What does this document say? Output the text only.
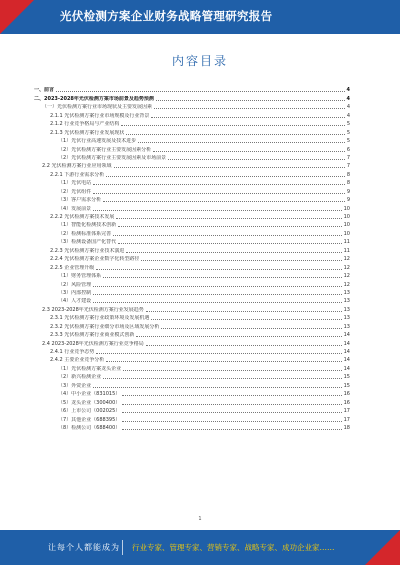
光伏检测方案企业财务战略管理研究报告
内容目录
一、前言	4
二、2023-2028年光伏检测方案市场前景及趋势预测	4
（一）光伏检测方案行业市场现状及主要发展因素	4
2.1.1 光伏检测方案行业市场规模及行业背景	4
2.1.2 行业竞争格局与产业结构	5
2.1.3 光伏检测方案行业发展现状	5
（1）光伏行业高速发展及技术进步	5
（2）光伏检测方案行业主要发展因素分析	6
（2）光伏检测方案行业主要发展因素及市场前景	7
2.2 光伏检测方案行业应用领域	7
2.2.1 下游行业需求分析	8
（1）光伏电站	8
（2）光伏组件	9
（3）客户需求分析	9
（4）发展前景	10
2.2.2 光伏检测方案技术发展	10
（1）智能化检测技术创新	10
（2）检测标准体系完善	10
（3）检测设备国产化替代	11
2.2.3 光伏检测方案行业技术演进	11
2.2.4 光伏检测方案企业数字化转型路径	12
2.2.5 企业管理升级	12
（1）财务管理体系	12
（2）风险管理	12
（3）内部控制	13
（4）人才建设	13
2.3 2023-2028年光伏检测方案行业发展趋势	13
2.3.1 光伏检测方案行业政策环境及发展机遇	13
2.3.2 光伏检测方案行业细分市场及区域发展分析	13
2.3.3 光伏检测方案行业商业模式创新	14
2.4 2023-2028年光伏检测方案行业竞争格局	14
2.4.1 行业竞争态势	14
2.4.2 主要企业竞争分析	14
（1）光伏检测方案龙头企业	14
（2）新兴检测企业	15
（3）外资企业	15
（4）中小企业（831015）	16
（5）龙头企业（300400）	16
（6）上市公司（002025）	17
（7）其他企业（688395）	17
（8）检测公司（688400）	18
1
让每个人都能成为 行业专家、管理专家、营销专家、战略专家、成功企业家……
